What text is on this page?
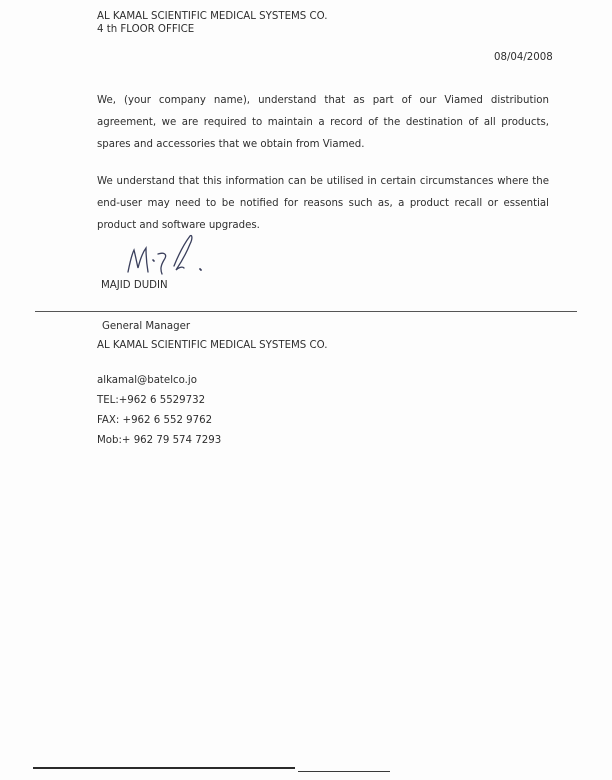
AL KAMAL SCIENTIFIC MEDICAL SYSTEMS CO.
4 th FLOOR OFFICE
08/04/2008

We, (your company name), understand that as part of our Viamed distribution agreement, we are required to maintain a record of the destination of all products, spares and accessories that we obtain from Viamed.

We understand that this information can be utilised in certain circumstances where the end-user may need to be notified for reasons such as, a product recall or essential product and software upgrades.

MAJID DUDIN
General Manager
AL KAMAL SCIENTIFIC MEDICAL SYSTEMS CO.
alkamal@batelco.jo
TEL:+962 6 5529732
FAX: +962 6 552 9762
Mob:+ 962 79 574 7293
